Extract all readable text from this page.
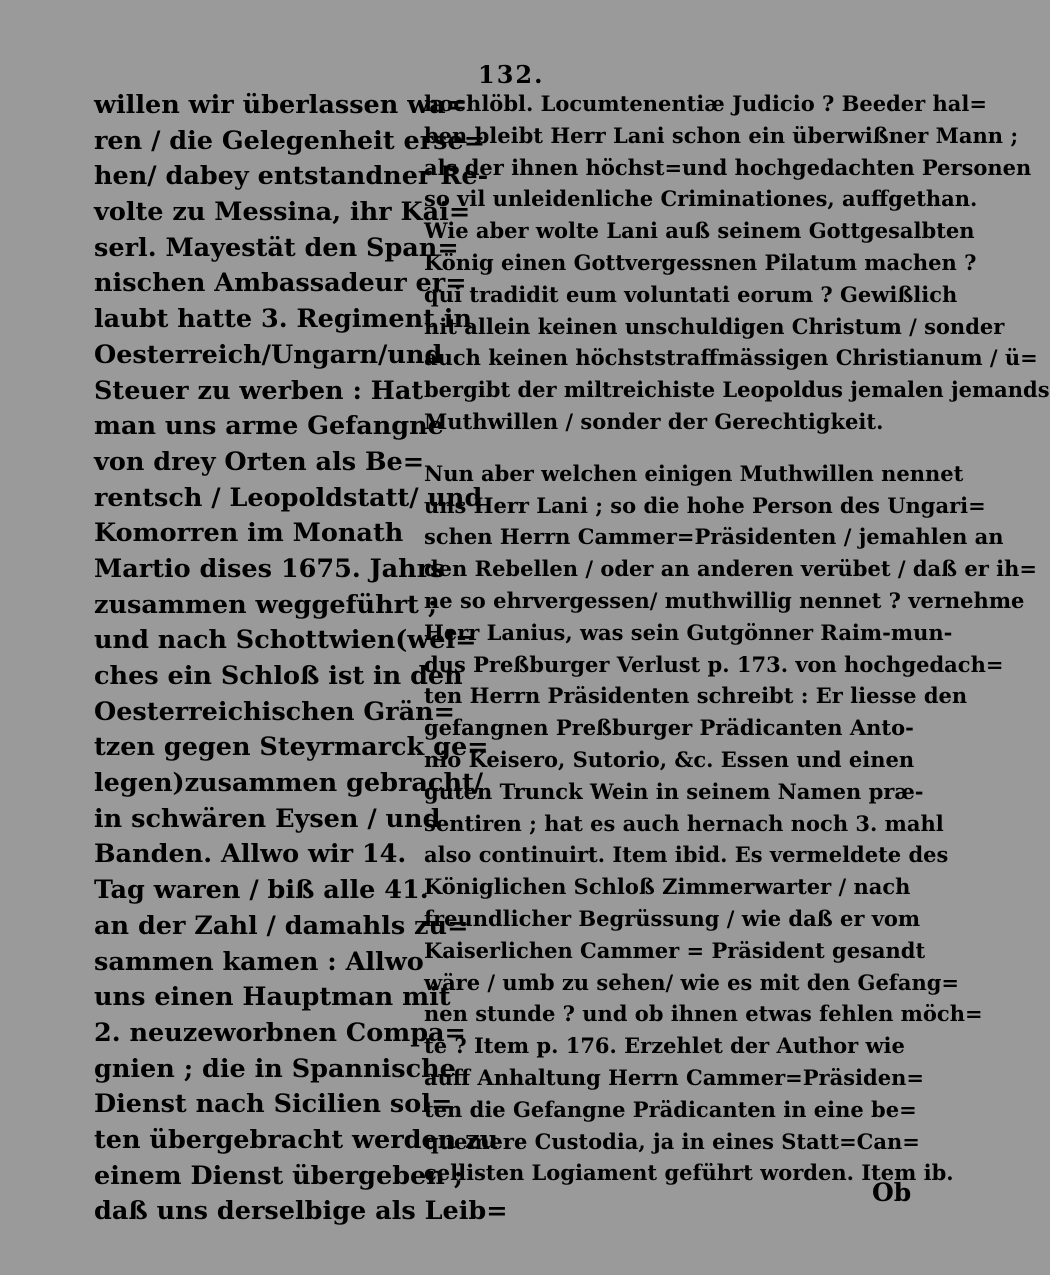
132.
willen wir überlassen wa=
ren / die Gelegenheit erse=
hen/ dabey entstandner Re-
volte zu Messina, ihr Kai=
serl. Mayestät den Span=
nischen Ambassadeur er=
laubt hatte 3. Regiment in
Oesterreich/Ungarn/und
Steuer zu werben : Hat
man uns arme Gefangne
von drey Orten als Be=
rentsch / Leopoldstatt/ und
Komorren im Monath
Martio dises 1675. Jahrs
zusammen weggeführt ;
und nach Schottwien(wel=
ches ein Schloß ist in den
Oesterreichischen Grän=
tzen gegen Steyrmarck ge=
legen)zusammen gebracht/
in schwären Eysen / und
Banden. Allwo wir 14.
Tag waren / biß alle 41.
an der Zahl / damahls zu=
sammen kamen : Allwo
uns einen Hauptman mit
2. neuzeworbnen Compa=
gnien ; die in Spannische
Dienst nach Sicilien sol=
ten übergebracht werden zu
einem Dienst übergeben ;
daß uns derselbige als Leib=
hochlöbl. Locumtenentiæ Judicio ? Beeder hal=
ben bleibt Herr Lani schon ein überwißner Mann ;
als der ihnen höchst=und hochgedachten Personen
so vil unleidenliche Criminationes, auffgethan.
Wie aber wolte Lani auß seinem Gottgesalbten
König einen Gottvergessnen Pilatum machen ?
qui tradidit eum voluntati eorum ? Gewißlich
nit allein keinen unschuldigen Christum / sonder
auch keinen höchststraffmässigen Christianum / ü=
bergibt der miltreichiste Leopoldus jemalen jemands
Muthwillen / sonder der Gerechtigkeit.
Nun aber welchen einigen Muthwillen nennet
uns Herr Lani ; so die hohe Person des Ungari=
schen Herrn Cammer=Präsidenten / jemahlen an
den Rebellen / oder an anderen verübet / daß er ih=
ne so ehrvergessen/ muthwillig nennet ? vernehme
Herr Lanius, was sein Gutgönner Raim-mun-
dus Preßburger Verlust p. 173. von hochgedach=
ten Herrn Präsidenten schreibt : Er liesse den
gefangnen Preßburger Prädicanten Anto-
nio Keisero, Sutorio, &c. Essen und einen
guten Trunck Wein in seinem Namen præ-
sentiren ; hat es auch hernach noch 3. mahl
also continuirt. Item ibid. Es vermeldete des
Königlichen Schloß Zimmerwarter / nach
freundlicher Begrüssung / wie daß er vom
Kaiserlichen Cammer = Präsident gesandt
wäre / umb zu sehen/ wie es mit den Gefang=
nen stunde ? und ob ihnen etwas fehlen möch=
te ? Item p. 176. Erzehlet der Author wie
auff Anhaltung Herrn Cammer=Präsiden=
ten die Gefangne Prädicanten in eine be=
quemere Custodia, ja in eines Statt=Can=
cellisten Logiament geführt worden. Item ib.
Ob
